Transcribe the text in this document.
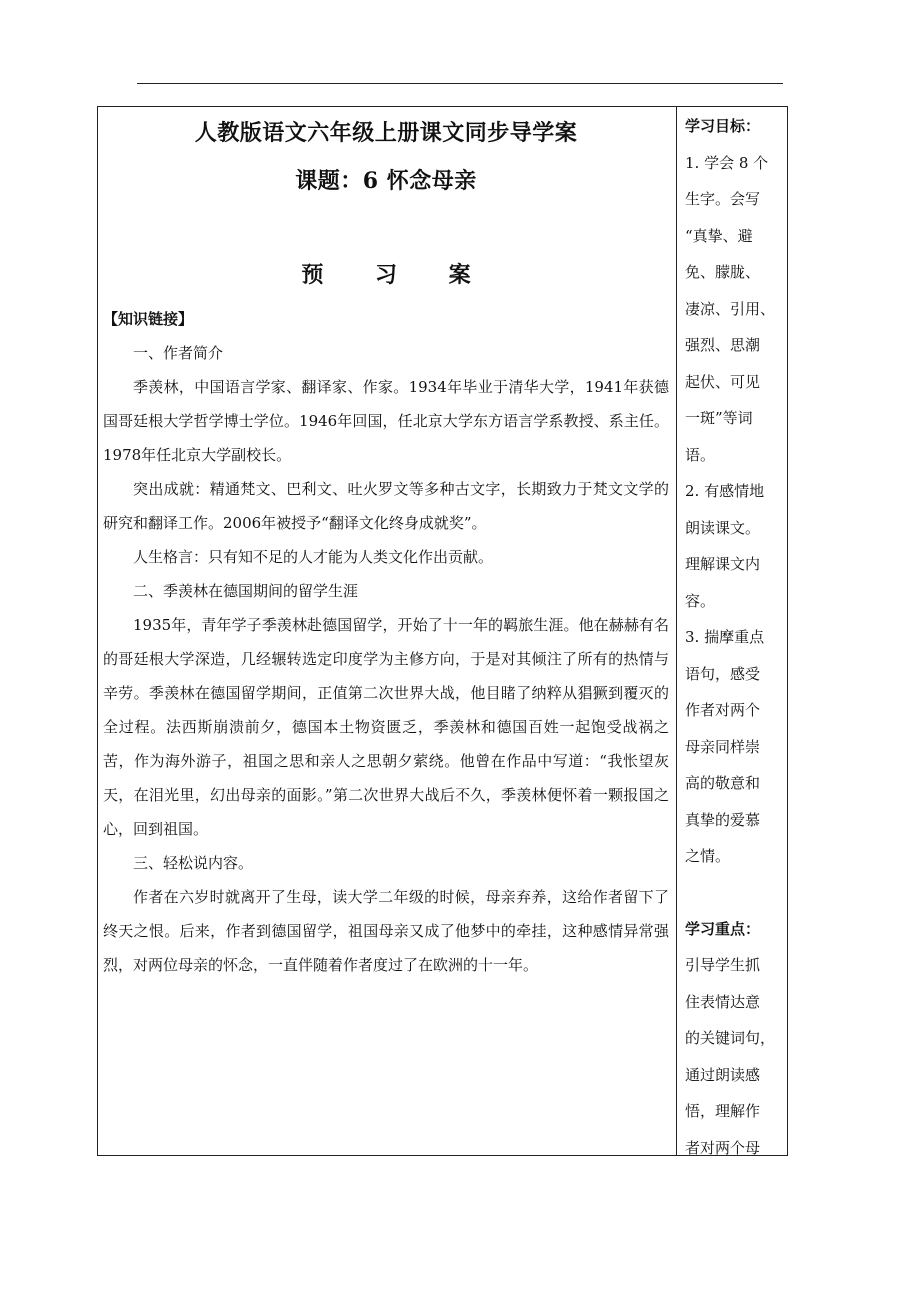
人教版语文六年级上册课文同步导学案
课题：6 怀念母亲
预 习 案

【知识链接】

一、作者简介

季羡林，中国语言学家、翻译家、作家。1934年毕业于清华大学，1941年获德国哥廷根大学哲学博士学位。1946年回国，任北京大学东方语言学系教授、系主任。1978年任北京大学副校长。

突出成就：精通梵文、巴利文、吐火罗文等多种古文字，长期致力于梵文文学的研究和翻译工作。2006年被授予“翻译文化终身成就奖”。

人生格言：只有知不足的人才能为人类文化作出贡献。

二、季羡林在德国期间的留学生涯

1935年，青年学子季羡林赴德国留学，开始了十一年的羁旅生涯。他在赫赫有名的哥廷根大学深造，几经辗转选定印度学为主修方向，于是对其倾注了所有的热情与辛劳。季羡林在德国留学期间，正值第二次世界大战，他目睹了纳粹从猖獗到覆灭的全过程。法西斯崩溃前夕，德国本土物资匮乏，季羡林和德国百姓一起饱受战祸之苦，作为海外游子，祖国之思和亲人之思朝夕萦绕。他曾在作品中写道：“我怅望灰天，在泪光里，幻出母亲的面影。”第二次世界大战后不久，季羡林便怀着一颗报国之心，回到祖国。

三、轻松说内容。

作者在六岁时就离开了生母，读大学二年级的时候，母亲弃养，这给作者留下了终天之恨。后来，作者到德国留学，祖国母亲又成了他梦中的牵挂，这种感情异常强烈，对两位母亲的怀念，一直伴随着作者度过了在欧洲的十一年。

学习目标：

1. 学会 8 个

生字。会写

“真挚、避

免、朦胧、

凄凉、引用、

强烈、思潮

起伏、可见

一斑”等词

语。

2. 有感情地

朗读课文。

理解课文内

容。

3. 揣摩重点

语句，感受

作者对两个

母亲同样崇

高的敬意和

真挚的爱慕

之情。

学习重点：

引导学生抓

住表情达意

的关键词句，

通过朗读感

悟，理解作

者对两个母
